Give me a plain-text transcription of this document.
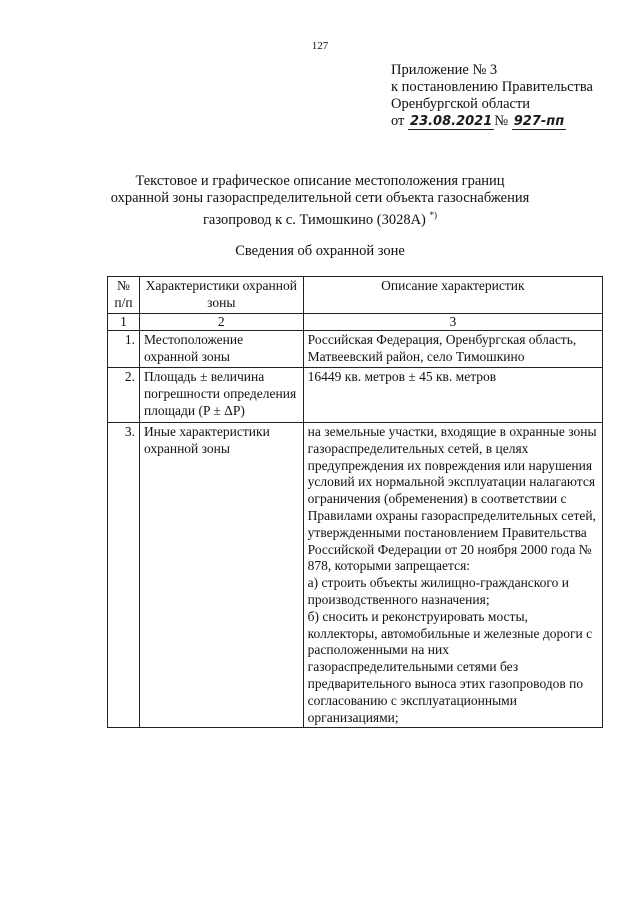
127
Приложение № 3
к постановлению Правительства
Оренбургской области
от 23.08.2021 № 927-пп
Текстовое и графическое описание местоположения границ
охранной зоны газораспределительной сети объекта газоснабжения
газопровод к с. Тимошкино (3028А) *)
Сведения об охранной зоне
№ п/п	Характеристики охранной зоны	Описание характеристик
1	2	3
1.	Местоположение охранной зоны	Российская Федерация, Оренбургская область, Матвеевский район, село Тимошкино

2.	Площадь ± величина погрешности определения площади (P ± ΔP)	16449 кв. метров ± 45 кв. метров

3.	Иные характеристики охранной зоны	на земельные участки, входящие в охранные зоны газораспределительных сетей, в целях предупреждения их повреждения или нарушения условий их нормальной эксплуатации налагаются ограничения (обременения) в соответствии с Правилами охраны газораспределительных сетей, утвержденными постановлением Правительства Российской Федерации от 20 ноября 2000 года № 878, которыми запрещается:

а) строить объекты жилищно-гражданского и производственного назначения;

б) сносить и реконструировать мосты, коллекторы, автомобильные и железные дороги с расположенными на них газораспределительными сетями без предварительного выноса этих газопроводов по согласованию с эксплуатационными организациями;
